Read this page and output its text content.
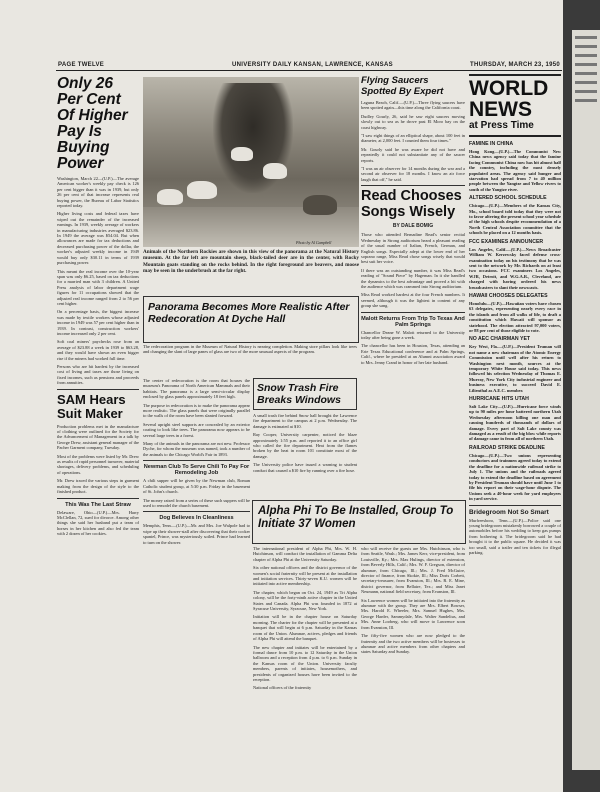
PAGE TWELVE	UNIVERSITY DAILY KANSAN, LAWRENCE, KANSAS	THURSDAY, MARCH 23, 1950
Only 26 Per Cent Of Higher Pay Is Buying Power

Washington, March 22—(U.P.)—The average American worker's weekly pay check is 126 per cent bigger than it was in 1939, but only 26 per cent of that increase represents real buying power, the Bureau of Labor Statistics reported today.

Higher living costs and federal taxes have wiped out the remainder of the increased earnings. In 1939, weekly average of workers in manufacturing industries averaged $23.86. In 1949 the average was $54.04. But when allowances are made for tax deductions and decreased purchasing power of the dollar, the worker's adjusted weekly income in 1949 would buy only $30.11 in terms of 1939 purchasing power.

This meant the real income over the 10-year span was only $6.25, based on tax deductions for a married man with 3 children. A United Press analysis of labor department wage figures for 11 occupations showed that the adjusted real income ranged from 2 to 56 per cent higher.

On a percentage basis, the biggest increase was made by textile workers whose adjusted income in 1949 was 57 per cent higher than in 1939. In contrast, construction workers' income increased only 2 per cent.

Soft coal miners' paychecks rose from an average of $23.88 a week in 1939 to $63.28, and they would have shown an even bigger rise if the miners had worked full time.

Persons who are hit hardest by the increased cost of living and taxes are those living on fixed incomes, such as pensions and proceeds from annuities.

SAM Hears Suit Maker

Production problems met in the manufacture of clothing were outlined for the Society for the Advancement of Management in a talk by George Drew, assistant general manager of the Pacher Garment company, Tuesday.

Most of the problems were listed by Mr. Drew as results of rapid personnel turnover, material shortages, delivery problems, and scheduling of operations.

Mr. Drew traced the various steps in garment making from the design of the style to the finished product.

This Was The Last Straw

Delaware, Ohio—(U.P.)—Mrs. Harry McClellan, 72, sued for divorce. Among other things she said her husband put a team of horses in her kitchen and also fed the team with 2 dozen of her cookies.

Photo by Al Campbell
Animals of the Northern Rockies are shown in this view of the panorama at the Natural History museum. At the far left are mountain sheep, black-tailed deer are in the center, with Rocky Mountain goats standing on the rocks behind. In the right foreground are beavers, and moose may be seen in the underbrush at the far right.
Panorama Becomes More Realistic After Redecoration At Dyche Hall

The redecoration program in the Museum of Natural History is nearing completion. Making store pillars look like trees and changing the slant of large panes of glass are two of the more unusual aspects of the program.

The center of redecoration is the room that houses the museum's Panorama of North American Mammals and their habitats. The panorama is a large semi-circular display enclosed by glass panels approximately 18 feet high.

The purpose in redecoration is to make the panorama appear more realistic. The glass panels that were originally parallel to the walls of the room have been slanted forward.

Several upright steel supports are concealed by an exterior coating to look like trees. The panorama now appears to be several large trees in a forest.

Many of the animals in the panorama are not new. Professor Dyche, for whom the museum was named, took a number of the animals to the Chicago World's Fair in 1893.

Newman Club To Serve Chili To Pay For Remodeling Job

A chili supper will be given by the Newman club, Roman Catholic student group, at 5:30 p.m. Friday in the basement of St. John's church.

The money raised from a series of these such suppers will be used to remodel the church basement.

Dog Believes In Cleanliness

Memphis, Tenn.—(U.P.)—Mr. and Mrs. Joe Walpole had to wipe up their shower-stall after discovering that their cocker spaniel, Prince, was mysteriously soiled. Prince had learned to turn on the shower.

Snow Trash Fire Breaks Windows

A small trash fire behind Snow hall brought the Lawrence fire department to the campus at 2 p.m. Wednesday. The damage is estimated at $10.

Ray Cooper, University carpenter, noticed the blaze approximately 1:55 p.m. and reported it to an office girl who called the fire department. Heat from the flames broken by the heat in room 101 constitute most of the damage.

The University police have issued a warning to student conduct that caused a $10 fire by running over a fire hose.

Flying Saucers Spotted By Expert

Laguna Beach, Calif.—(U.P.)—Three flying saucers have been spotted again—this time along the California coast.

Dudley Gourly, 26, said he saw eight saucers moving slowly out to sea as he drove past El Moro bay on the coast highway.

"I saw eight things of an elliptical shape, about 100 feet in diameter, at 2,000 feet. I counted them four times."

Mr. Gourly said he was aware he did not have and repeatedly it could not substantiate any of the saucer reports.

"I was an air observer for 14 months during the war and a second air observer for 18 months. I know an air force laugh that off," he said.

Read Chooses Songs Wisely
BY DALE BOMIG

Those who attended Bernadine Read's senior recital Wednesday in Strong auditorium heard a pleasant reading of the usual number of Italian, French, German, and English songs. Especially adept at the lower end of her soprano range, Miss Read chose songs wisely that would best suit her voice.

If there was an outstanding number, it was Miss Read's reading of "Sound Piece" by Hageman. In it she handled the dynamics to the best advantage and proved a hit with the audience which was crammed into Strong auditorium.

Miss Read worked hardest at the four French numbers. It seemed, although it was the lightest in content of any group she sang.

Malott Returns From Trip To Texas And Palm Springs

Chancellor Deane W. Malott returned to the University today after being gone a week.

The chancellor has been in Houston, Texas, attending an Erie Texas Educational conference and at Palm Springs, Calif., where he presided at an Alumni association award to Mrs. Jenny Crand in honor of her late husband.

Alpha Phi To Be Installed, Group To Initiate 37 Women

The international president of Alpha Phi, Mrs. W. H. Hutchinson, will conduct the installation of Gamma Delta chapter of Alpha Phi at the University Saturday.

Six other national officers and the district governor of the women's social fraternity will be present at the installation and initiation services. Thirty-seven K.U. women will be initiated into active membership.

The chapter, which began on Oct. 24, 1949 as Tri Alpha colony, will be the forty-ninth active chapter in the United States and Canada. Alpha Phi was founded in 1872 at Syracuse University, Syracuse, New York.

Initiation will be in the chapter house on Saturday morning. The charter for the chapter will be presented at a banquet that will begin at 6 p.m. Saturday in the Kansas room of the Union. Alumnae, actives, pledges and friends of Alpha Phi will attend the banquet.

The new chapter and initiates will be entertained by a formal dance from 10 p.m. to 12 Saturday in the Union ballroom and a reception from 4 p.m. to 6 p.m. Sunday in the Kansas room of the Union. University faculty members, parents of initiates, housemothers, and presidents of organized houses have been invited to the reception.

National officers of the fraternity

who will receive the guests are Mrs. Hutchinson, who is from Seattle, Wash.; Mrs. James Kerr, vice-president, from Louisville, Ky.; Mrs. Max Hulings, director of extension, from Beverly Hills, Calif.; Mrs. W. F. Gregson, director of alumnae, from Chicago, Ill.; Mrs. J. Fred McGuire, director of finance, from Skokie, Ill.; Miss Doris Corbett, secretary-treasurer, from Evanston, Ill.; Mrs. R. E. Mine, district governor, from Bellaire, Tex.; and Miss Janet Neumann, national field secretary, from Evanston, Ill.

Six Lawrence women will be initiated into the fraternity as alumnae with the group. They are Mrs. Elbert Bowser, Mrs. Harold E. Wheeler, Mrs. Samuel Hughes, Mrs. George Harder, Sammydale, Mrs. Walter Sandelius, and Mrs. Anne Looberg, who will move to Lawrence soon from Evanston, Ill.

The fifty-five women who are now pledged to the fraternity and the two active members will be hostesses to alumnae and active members from other chapters and states Saturday and Sunday.

WORLD
NEWS
at Press Time
FAMINE IN CHINA

Hong Kong—(U.P.)—The Communist New China news agency said today that the famine facing Communist China now has hit almost half the country, including the most densely populated areas. The agency said hunger and starvation had spread from 7 to 40 million people between the Yangtze and Yellow rivers to south of the Yangtze river.

ALTERED SCHOOL SCHEDULE

Chicago—(U.P.)—Members of the Kansas City, Mo., school board told today that they were not to favor altering the present school year schedule of the high schools despite recommendation of a North Central Association committee that the schools be placed on a 12 months basis.

FCC EXAMINES ANNOUNCER

Los Angeles, Calif.—(U.P.)—News Broadcaster William W. Kerzewsky faced defense cross-examination today on his testimony that he was sent to the network by Mr. Richards on at least two occasions. FCC examiners Los Angeles, WJR, Detroit, and W.G.A.R., Cleveland, are charged with having ordered his news broadcasters to slant their newscasts.

HAWAII CHOOSES DELEGATES

Honolulu—(U.P.)—Hawaiian voters have chosen 63 delegates, representing nearly every race in the islands and from all walks of life, to draft a constitution which Hawaii will sponsor as statehood. The election attracted 97,000 voters, or 88 per cent of those eligible to vote.

NO AEC CHAIRMAN YET

Key West, Fla.—(U.P.)—President Truman will not name a new chairman of the Atomic Energy Commission until well after his return to Washington next month, sources at the temporary White House said today. This news followed his selection Wednesday of Thomas E. Murray, New York City industrial engineer and business executive, to succeed David E. Lilienthal as A.E.C. member.

HURRICANE HITS UTAH

Salt Lake City—(U.P.)—Hurricane force winds up to 90 miles per hour battered northern Utah Wednesday afternoon killing one man and causing hundreds of thousands of dollars of damage. Every part of Salt Lake county was damaged as a result of the big blow while reports of damage came in from all of northern Utah.

RAILROAD STRIKE DEADLINE

Chicago—(U.P.)—Two unions representing conductors and trainmen agreed today to extend the deadline for a nationwide railroad strike to July 1. The unions and the railroads agreed today to extend the deadline based on agreement by President Truman should have until June 1 to file his report on their wage-hour dispute. The Unions seek a 40-hour week for yard employees in yard service.

Bridegroom Not So Smart

Murfreesboro, Tenn.—(U.P.)—Police said one young bridegroom mistakenly borrowed a couple of automobiles before his wedding to keep gas pumps from bothering it. The bridegroom said he had brought it to the public square. He decided it was too small, said a trailer and ten tickets for illegal parking.
